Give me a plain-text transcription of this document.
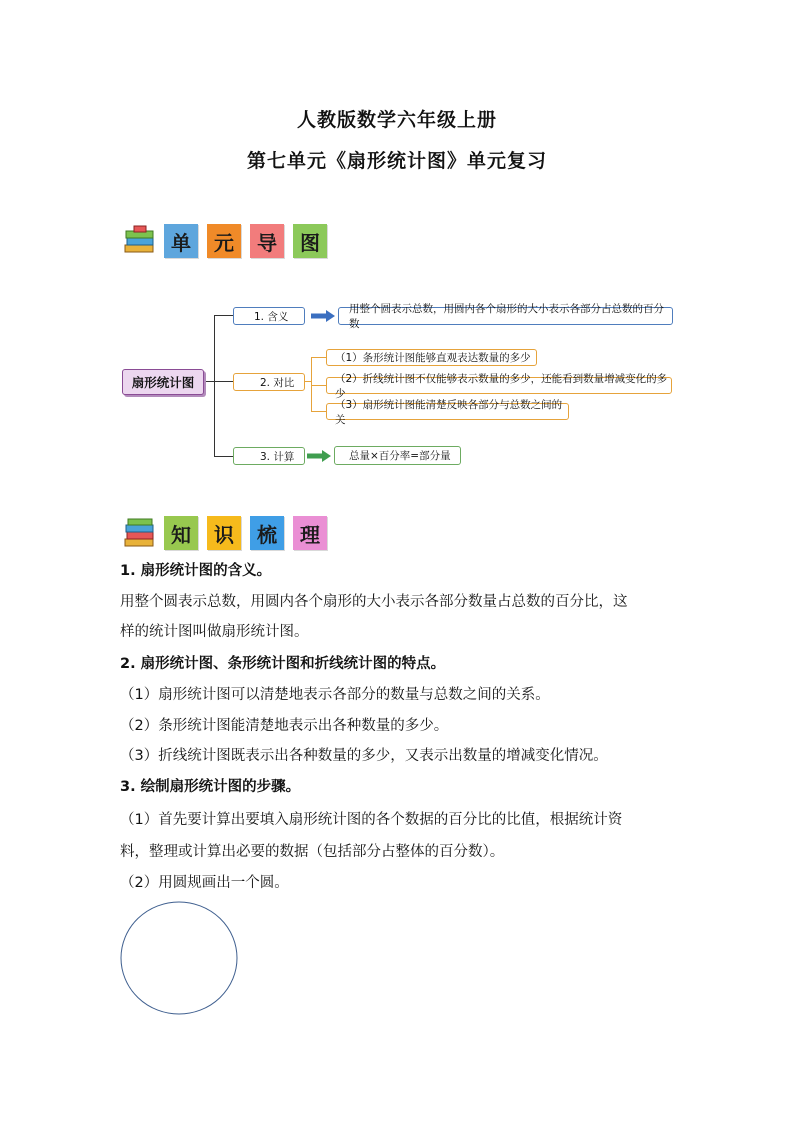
人教版数学六年级上册
第七单元《扇形统计图》单元复习
单 元 导 图
扇形统计图
1. 含义
用整个圆表示总数，用圆内各个扇形的大小表示各部分占总数的百分数
2. 对比
（1）条形统计图能够直观表达数量的多少
（2）折线统计图不仅能够表示数量的多少，还能看到数量增减变化的多少
（3）扇形统计图能清楚反映各部分与总数之间的关
3. 计算	总量×百分率=部分量
知 识 梳 理
1. 扇形统计图的含义。
用整个圆表示总数，用圆内各个扇形的大小表示各部分数量占总数的百分比，这
样的统计图叫做扇形统计图。
2. 扇形统计图、条形统计图和折线统计图的特点。
（1）扇形统计图可以清楚地表示各部分的数量与总数之间的关系。
（2）条形统计图能清楚地表示出各种数量的多少。
（3）折线统计图既表示出各种数量的多少，又表示出数量的增减变化情况。
3. 绘制扇形统计图的步骤。
（1）首先要计算出要填入扇形统计图的各个数据的百分比的比值，根据统计资
料，整理或计算出必要的数据（包括部分占整体的百分数）。
（2）用圆规画出一个圆。
